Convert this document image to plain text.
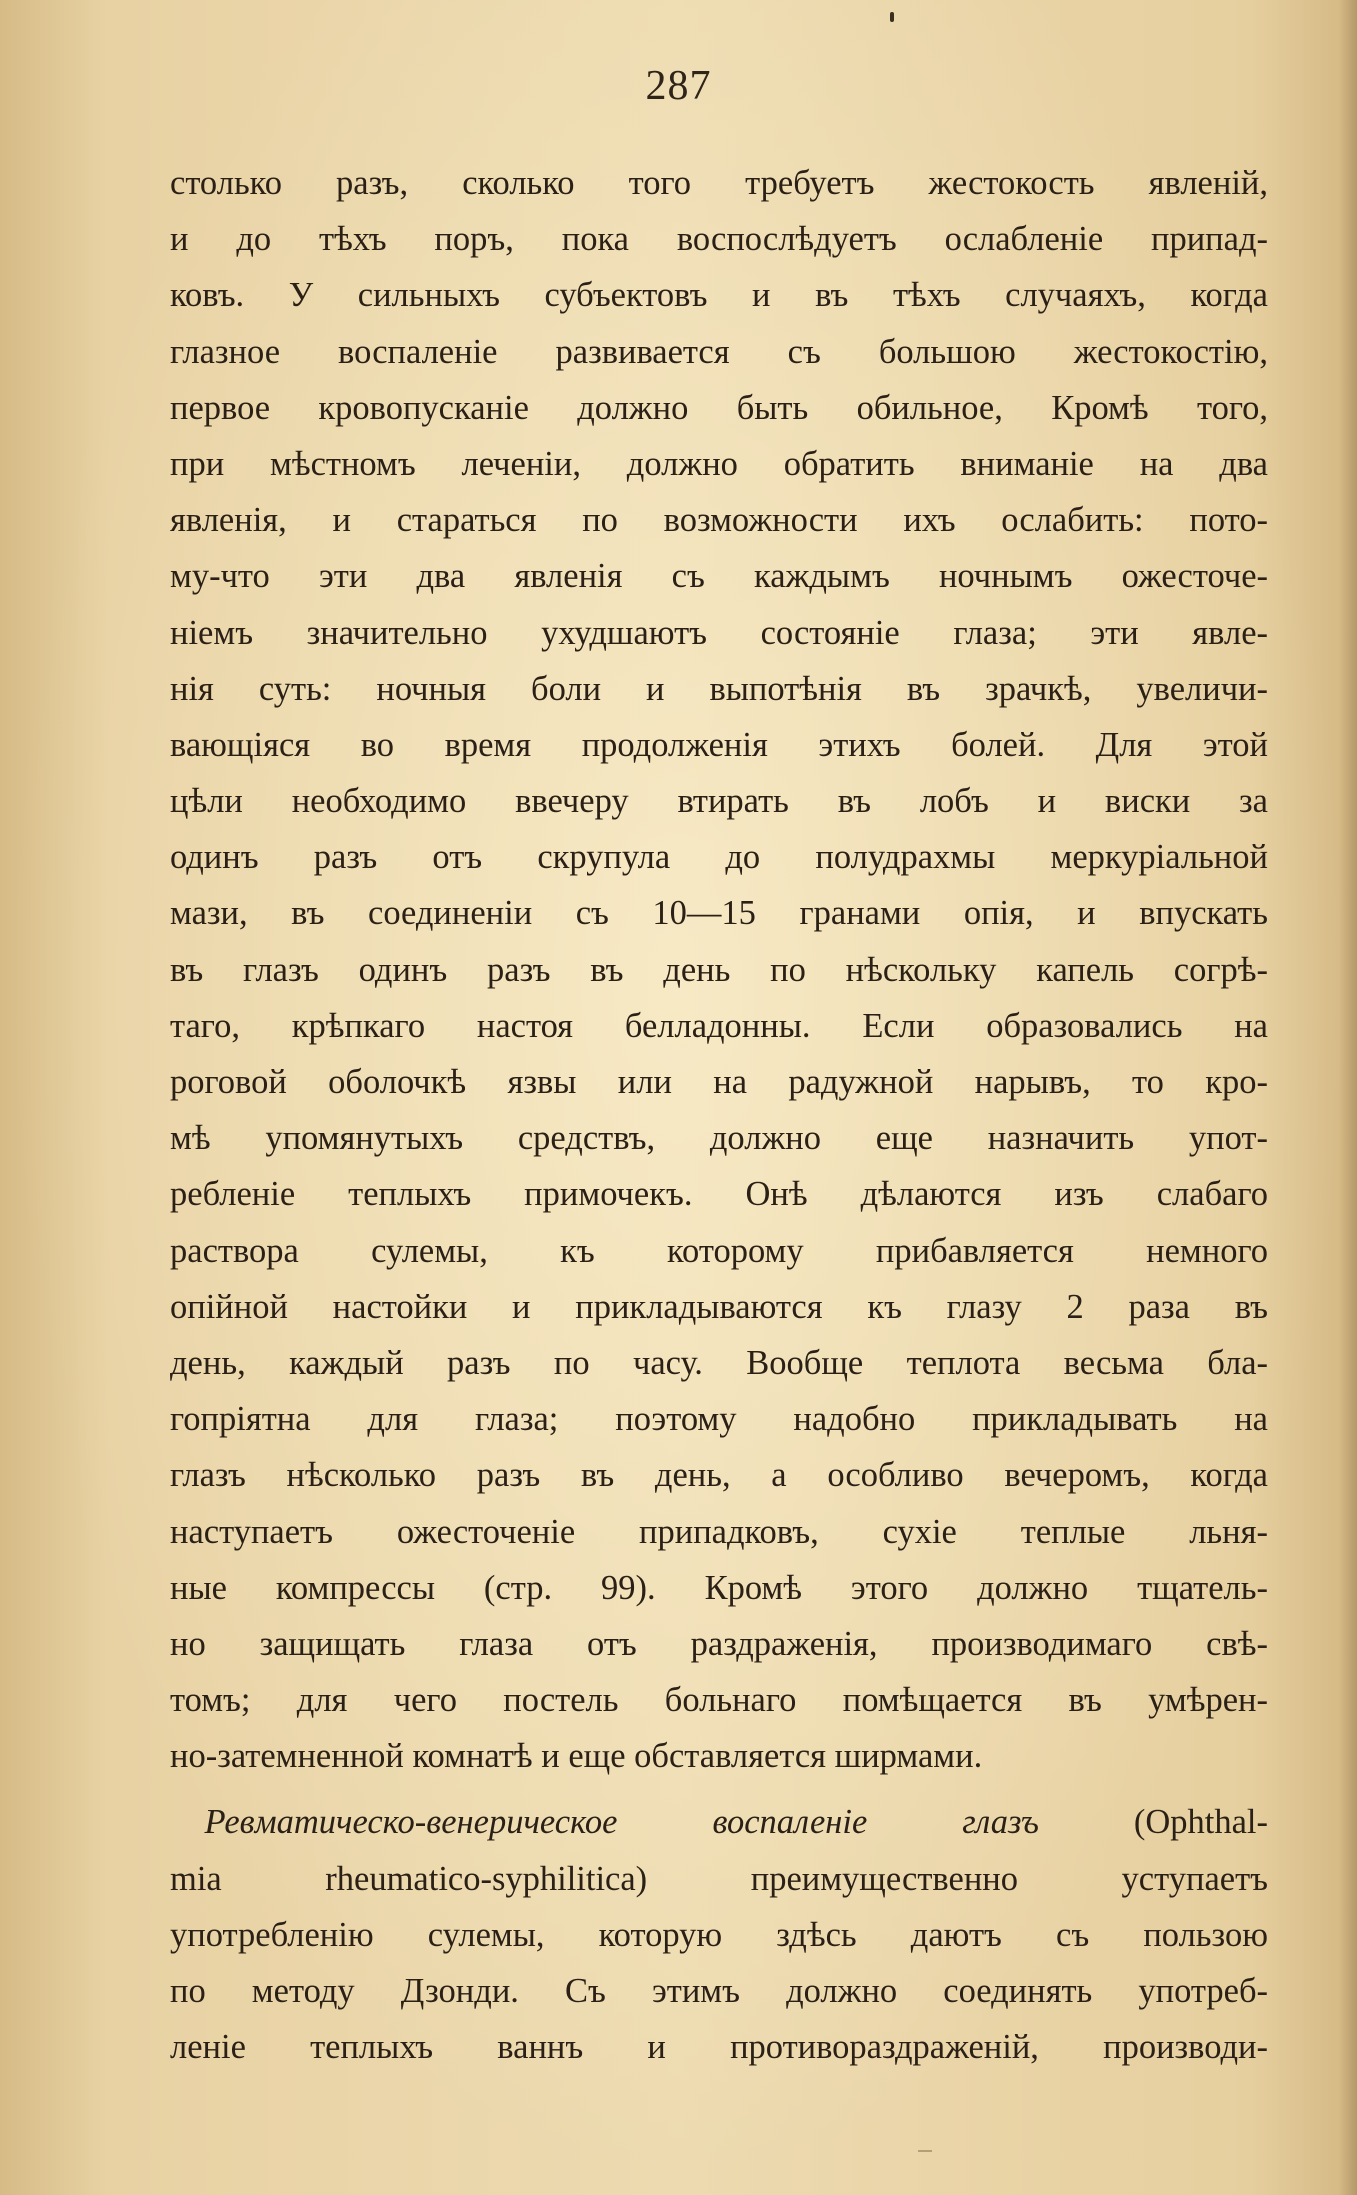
287
столько разъ, сколько того требуетъ жестокость явленій,
и до тѣхъ поръ, пока воспослѣдуетъ ослабленіе припад-
ковъ. У сильныхъ субъектовъ и въ тѣхъ случаяхъ, когда
глазное воспаленіе развивается съ большою жестокостію,
первое кровопусканіе должно быть обильное, Кромѣ того,
при мѣстномъ леченіи, должно обратить вниманіе на два
явленія, и стараться по возможности ихъ ослабить: пото-
му-что эти два явленія съ каждымъ ночнымъ ожесточе-
ніемъ значительно ухудшаютъ состояніе глаза; эти явле-
нія суть: ночныя боли и выпотѣнія въ зрачкѣ, увеличи-
вающіяся во время продолженія этихъ болей. Для этой
цѣли необходимо ввечеру втирать въ лобъ и виски за
одинъ разъ отъ скрупула до полудрахмы меркуріальной
мази, въ соединеніи съ 10—15 гранами опія, и впускать
въ глазъ одинъ разъ въ день по нѣскольку капель согрѣ-
таго, крѣпкаго настоя белладонны. Если образовались на
роговой оболочкѣ язвы или на радужной нарывъ, то кро-
мѣ упомянутыхъ средствъ, должно еще назначить упот-
ребленіе теплыхъ примочекъ. Онѣ дѣлаются изъ слабаго
раствора сулемы, къ которому прибавляется немного
опійной настойки и прикладываются къ глазу 2 раза въ
день, каждый разъ по часу. Вообще теплота весьма бла-
гопріятна для глаза; поэтому надобно прикладывать на
глазъ нѣсколько разъ въ день, а особливо вечеромъ, когда
наступаетъ ожесточеніе припадковъ, сухіе теплые льня-
ные компрессы (стр. 99). Кромѣ этого должно тщатель-
но защищать глаза отъ раздраженія, производимаго свѣ-
томъ; для чего постель больнаго помѣщается въ умѣрен-
но-затемненной комнатѣ и еще обставляется ширмами.
 Ревматическо-венерическое воспаленіе глазъ (Ophthal-
mia rheumatico-syphilitica) преимущественно уступаетъ
употребленію сулемы, которую здѣсь даютъ съ пользою
по методу Дзонди. Съ этимъ должно соединять употреб-
леніе теплыхъ ваннъ и противораздраженій, производи-
